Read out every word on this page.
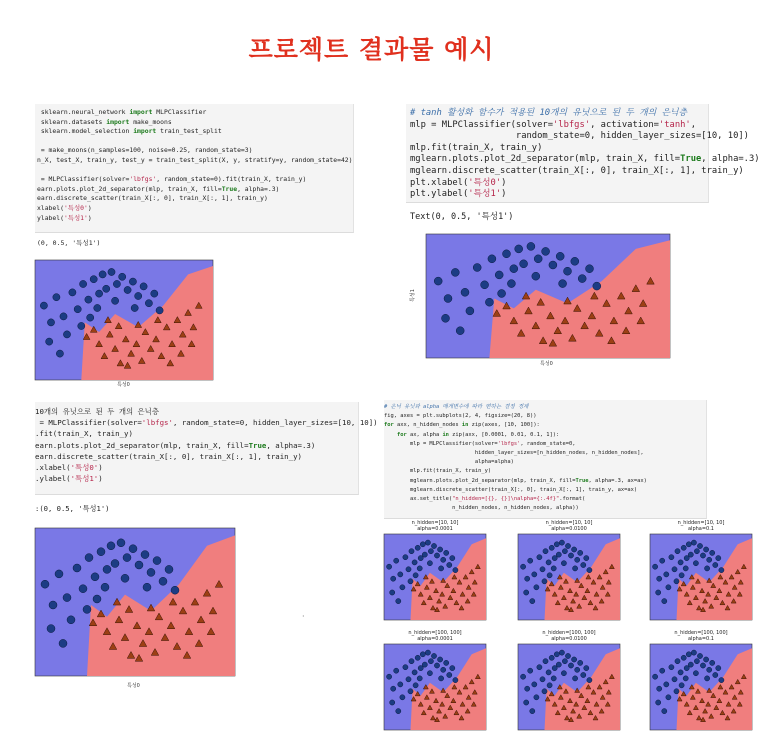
프로젝트 결과물 예시
sklearn.neural_network import MLPClassifier
sklearn.datasets import make_moons
sklearn.model_selection import train_test_split

= make_moons(n_samples=100, noise=0.25, random_state=3)
n_X, test_X, train_y, test_y = train_test_split(X, y, stratify=y, random_state=42)

= MLPClassifier(solver='lbfgs', random_state=0).fit(train_X, train_y)
earn.plots.plot_2d_separator(mlp, train_X, fill=True, alpha=.3)
earn.discrete_scatter(train_X[:, 0], train_X[:, 1], train_y)
xlabel('특성0')
ylabel('특성1')
(0, 0.5, '특성1')
특성0
# tanh 활성화 함수가 적용된 10개의 유닛으로 된 두 개의 은닉층
mlp = MLPClassifier(solver='lbfgs', activation='tanh',
random_state=0, hidden_layer_sizes=[10, 10])
mlp.fit(train_X, train_y)
mglearn.plots.plot_2d_separator(mlp, train_X, fill=True, alpha=.3)
mglearn.discrete_scatter(train_X[:, 0], train_X[:, 1], train_y)
plt.xlabel('특성0')
plt.ylabel('특성1')
Text(0, 0.5, '특성1')
특성1
특성0
10개의 유닛으로 된 두 개의 은닉층
= MLPClassifier(solver='lbfgs', random_state=0, hidden_layer_sizes=[10, 10])
.fit(train_X, train_y)
earn.plots.plot_2d_separator(mlp, train_X, fill=True, alpha=.3)
earn.discrete_scatter(train_X[:, 0], train_X[:, 1], train_y)
.xlabel('특성0')
.ylabel('특성1')
:(0, 0.5, '특성1')
특성0
·
# 은닉 유닛과 alpha 매개변수에 따라 변하는 결정 경계
fig, axes = plt.subplots(2, 4, figsize=(20, 8))
for axx, n_hidden_nodes in zip(axes, [10, 100]):
for ax, alpha in zip(axx, [0.0001, 0.01, 0.1, 1]):
mlp = MLPClassifier(solver='lbfgs', random_state=0,
hidden_layer_sizes=[n_hidden_nodes, n_hidden_nodes],
alpha=alpha)
mlp.fit(train_X, train_y)
mglearn.plots.plot_2d_separator(mlp, train_X, fill=True, alpha=.3, ax=ax)
mglearn.discrete_scatter(train_X[:, 0], train_X[:, 1], train_y, ax=ax)
ax.set_title("n_hidden=[{}, {}]\nalpha={:.4f}".format(
n_hidden_nodes, n_hidden_nodes, alpha))
n_hidden=[10, 10]
alpha=0.0001
n_hidden=[10, 10]
alpha=0.0100
n_hidden=[10, 10]
alpha=0.1
n_hidden=[100, 100]
alpha=0.0001
n_hidden=[100, 100]
alpha=0.0100
n_hidden=[100, 100]
alpha=0.1
